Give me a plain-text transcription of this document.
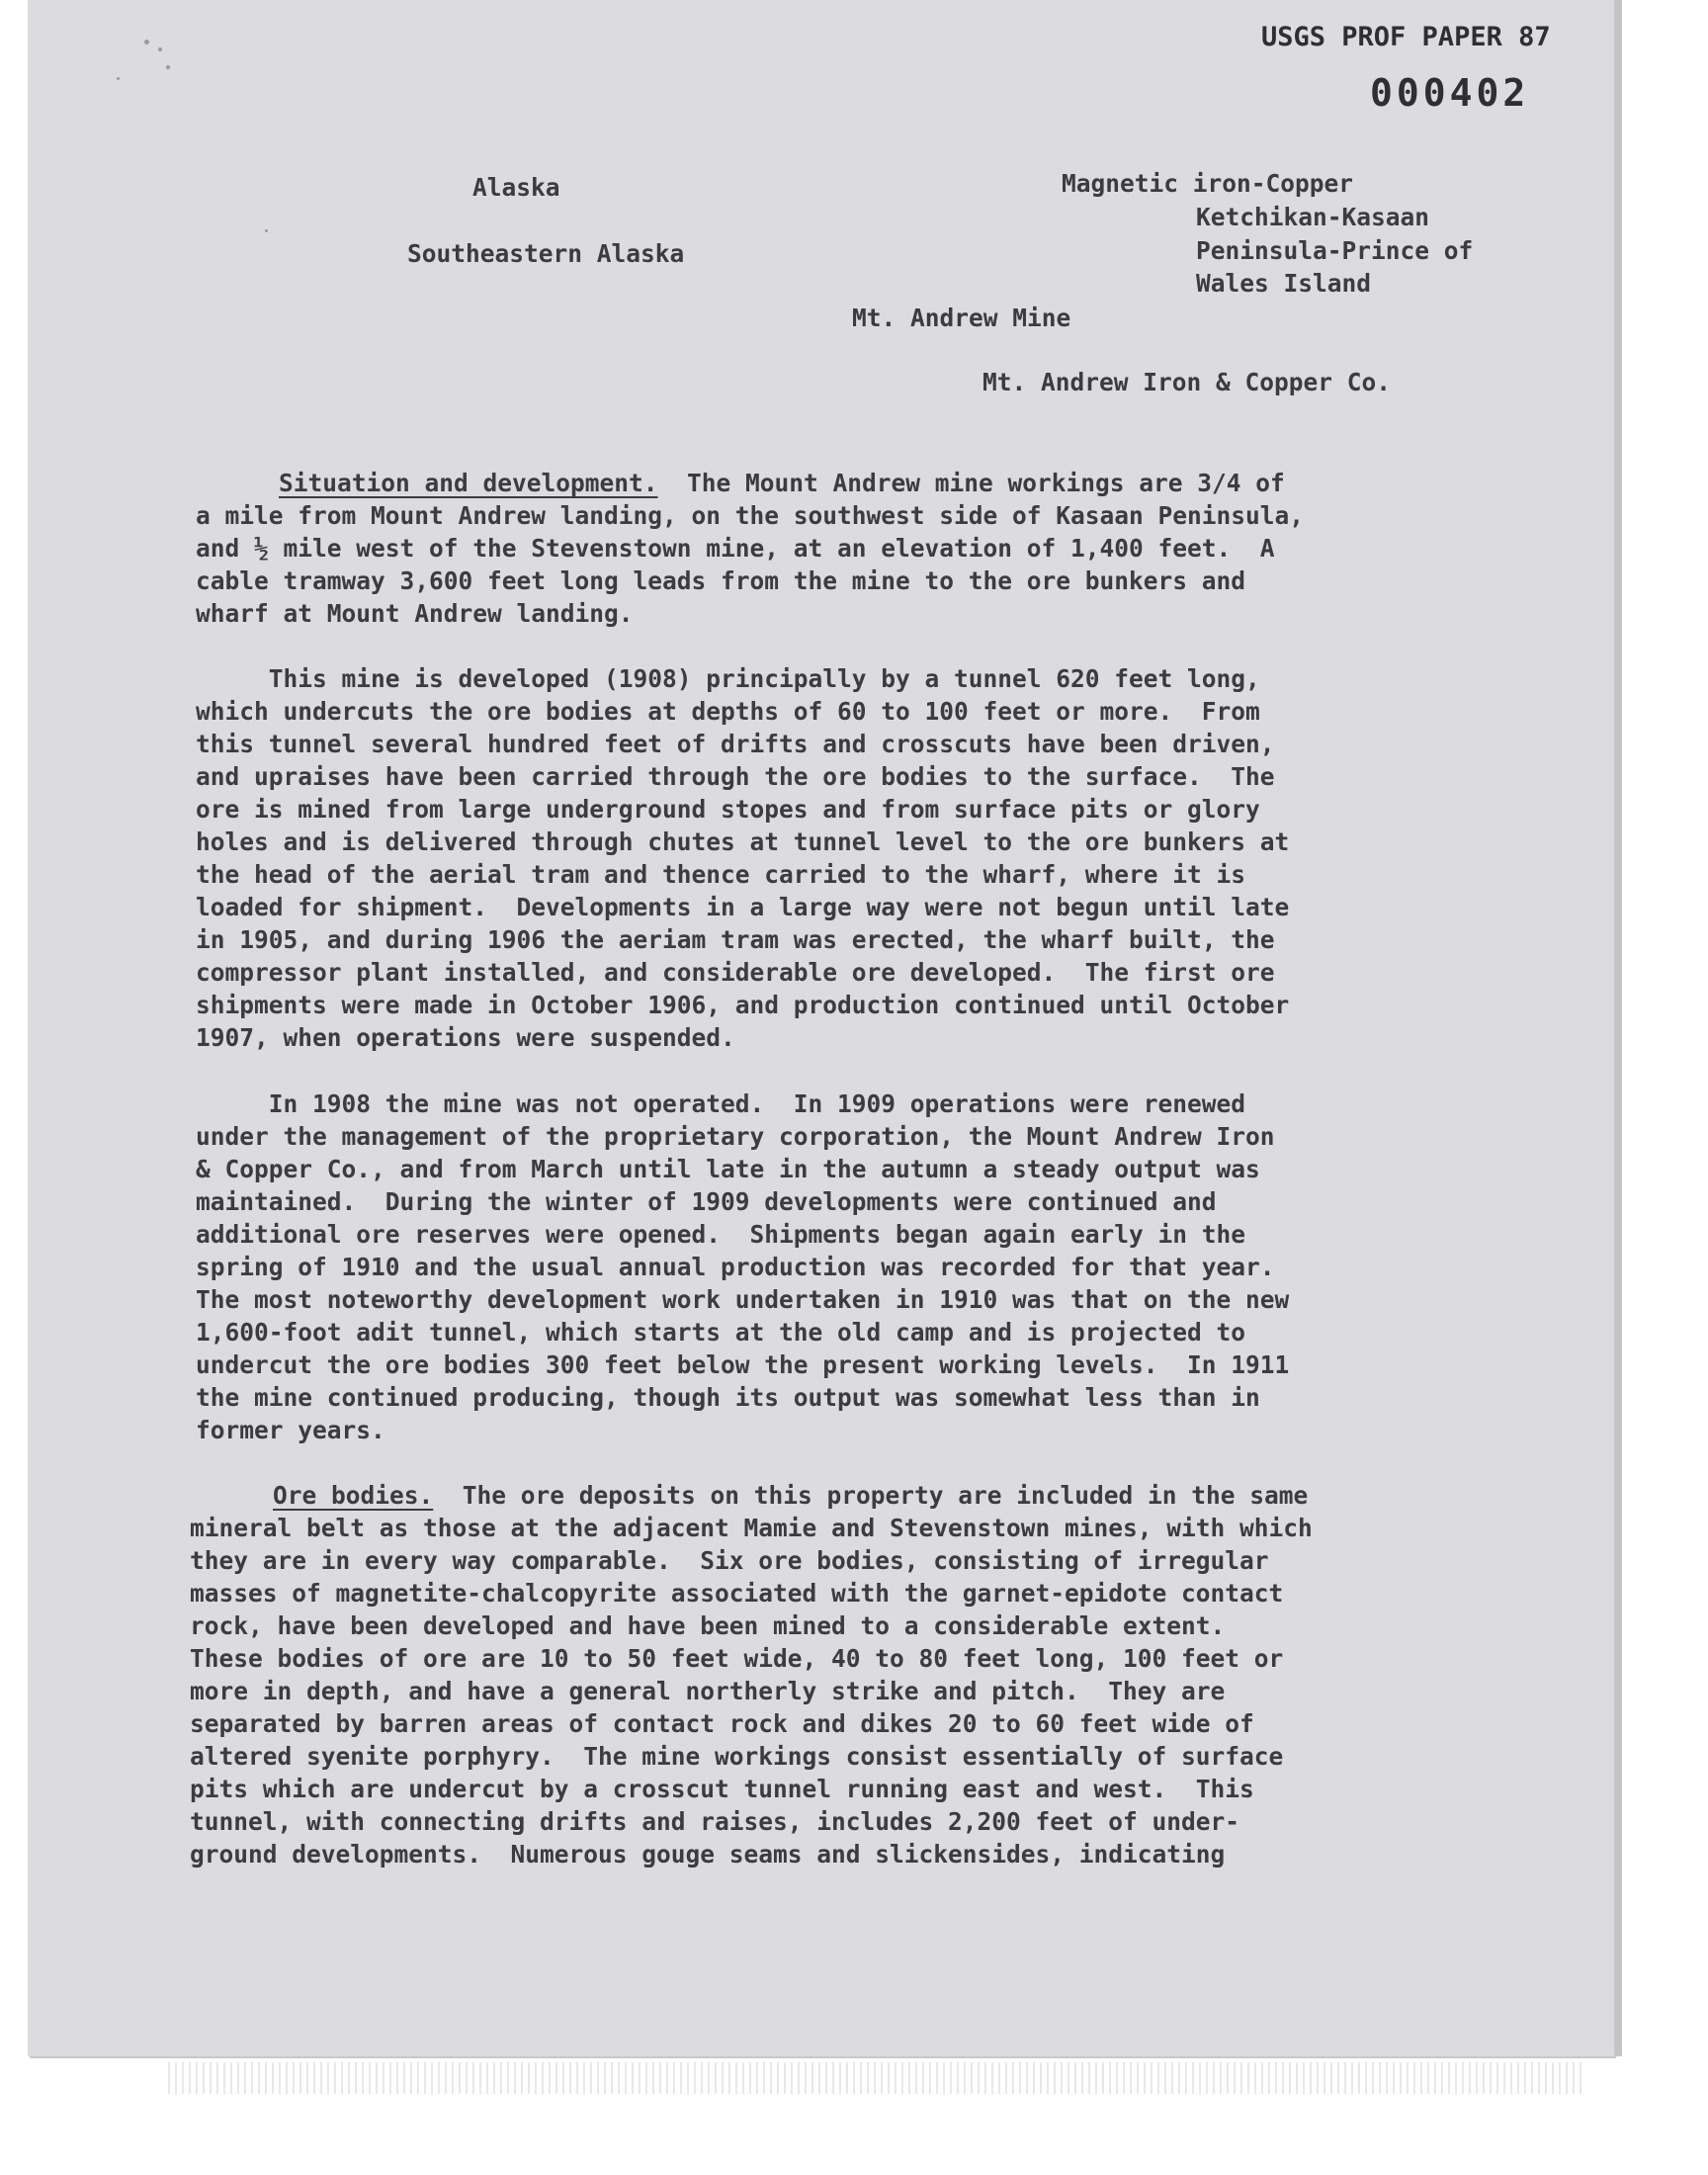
USGS PROF PAPER 87
000402
Alaska
Southeastern Alaska
Magnetic iron-Copper
Ketchikan-Kasaan
Peninsula-Prince of
Wales Island
Mt. Andrew Mine
Mt. Andrew Iron & Copper Co.

Situation and development. The Mount Andrew mine workings are 3/4 of

a mile from Mount Andrew landing, on the southwest side of Kasaan Peninsula,

and ½ mile west of the Stevenstown mine, at an elevation of 1,400 feet.  A

cable tramway 3,600 feet long leads from the mine to the ore bunkers and

wharf at Mount Andrew landing.

This mine is developed (1908) principally by a tunnel 620 feet long,

which undercuts the ore bodies at depths of 60 to 100 feet or more.  From

this tunnel several hundred feet of drifts and crosscuts have been driven,

and upraises have been carried through the ore bodies to the surface.  The

ore is mined from large underground stopes and from surface pits or glory

holes and is delivered through chutes at tunnel level to the ore bunkers at

the head of the aerial tram and thence carried to the wharf, where it is

loaded for shipment.  Developments in a large way were not begun until late

in 1905, and during 1906 the aeriam tram was erected, the wharf built, the

compressor plant installed, and considerable ore developed.  The first ore

shipments were made in October 1906, and production continued until October

1907, when operations were suspended.

In 1908 the mine was not operated.  In 1909 operations were renewed

under the management of the proprietary corporation, the Mount Andrew Iron

& Copper Co., and from March until late in the autumn a steady output was

maintained.  During the winter of 1909 developments were continued and

additional ore reserves were opened.  Shipments began again early in the

spring of 1910 and the usual annual production was recorded for that year.

The most noteworthy development work undertaken in 1910 was that on the new

1,600-foot adit tunnel, which starts at the old camp and is projected to

undercut the ore bodies 300 feet below the present working levels.  In 1911

the mine continued producing, though its output was somewhat less than in

former years.

Ore bodies. The ore deposits on this property are included in the same

mineral belt as those at the adjacent Mamie and Stevenstown mines, with which

they are in every way comparable.  Six ore bodies, consisting of irregular

masses of magnetite-chalcopyrite associated with the garnet-epidote contact

rock, have been developed and have been mined to a considerable extent.

These bodies of ore are 10 to 50 feet wide, 40 to 80 feet long, 100 feet or

more in depth, and have a general northerly strike and pitch.  They are

separated by barren areas of contact rock and dikes 20 to 60 feet wide of

altered syenite porphyry.  The mine workings consist essentially of surface

pits which are undercut by a crosscut tunnel running east and west.  This

tunnel, with connecting drifts and raises, includes 2,200 feet of under-

ground developments.  Numerous gouge seams and slickensides, indicating
